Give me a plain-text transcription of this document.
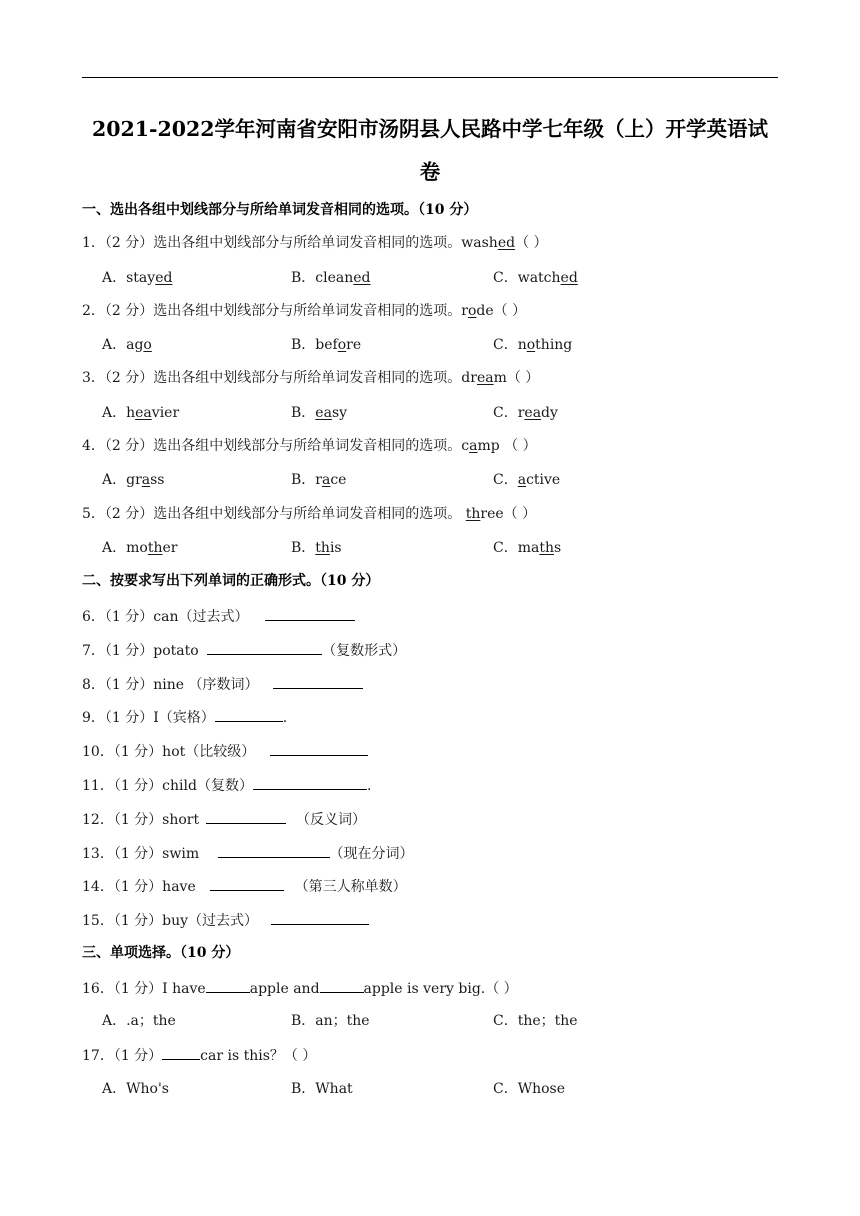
2021-2022学年河南省安阳市汤阴县人民路中学七年级（上）开学英语试卷
一、选出各组中划线部分与所给单词发音相同的选项。（10 分）
1．（2 分）选出各组中划线部分与所给单词发音相同的选项。washed（ ）
A．stayed	B．cleaned	C．watched
2．（2 分）选出各组中划线部分与所给单词发音相同的选项。rode（ ）
A．ago	B．before	C．nothing
3．（2 分）选出各组中划线部分与所给单词发音相同的选项。dream（ ）
A．heavier	B．easy	C．ready
4．（2 分）选出各组中划线部分与所给单词发音相同的选项。camp （ ）
A．grass	B．race	C．active
5．（2 分）选出各组中划线部分与所给单词发音相同的选项。 three（ ）
A．mother	B．this	C．maths
二、按要求写出下列单词的正确形式。（10 分）
6．（1 分）can（过去式）
7．（1 分）potato	（复数形式）
8．（1 分）nine （序数词）
9．（1 分）I（宾格）	.
10．（1 分）hot（比较级）
11．（1 分）child（复数）	.
12．（1 分）short	（反义词）
13．（1 分）swim	（现在分词）
14．（1 分）have	（第三人称单数）
15．（1 分）buy（过去式）
三、单项选择。（10 分）
16．（1 分）I have	apple and	apple is very big.（ ）
A．.a；the	B．an；the	C．the；the
17．（1 分）	car is this？（ ）
A．Who's	B．What	C．Whose
